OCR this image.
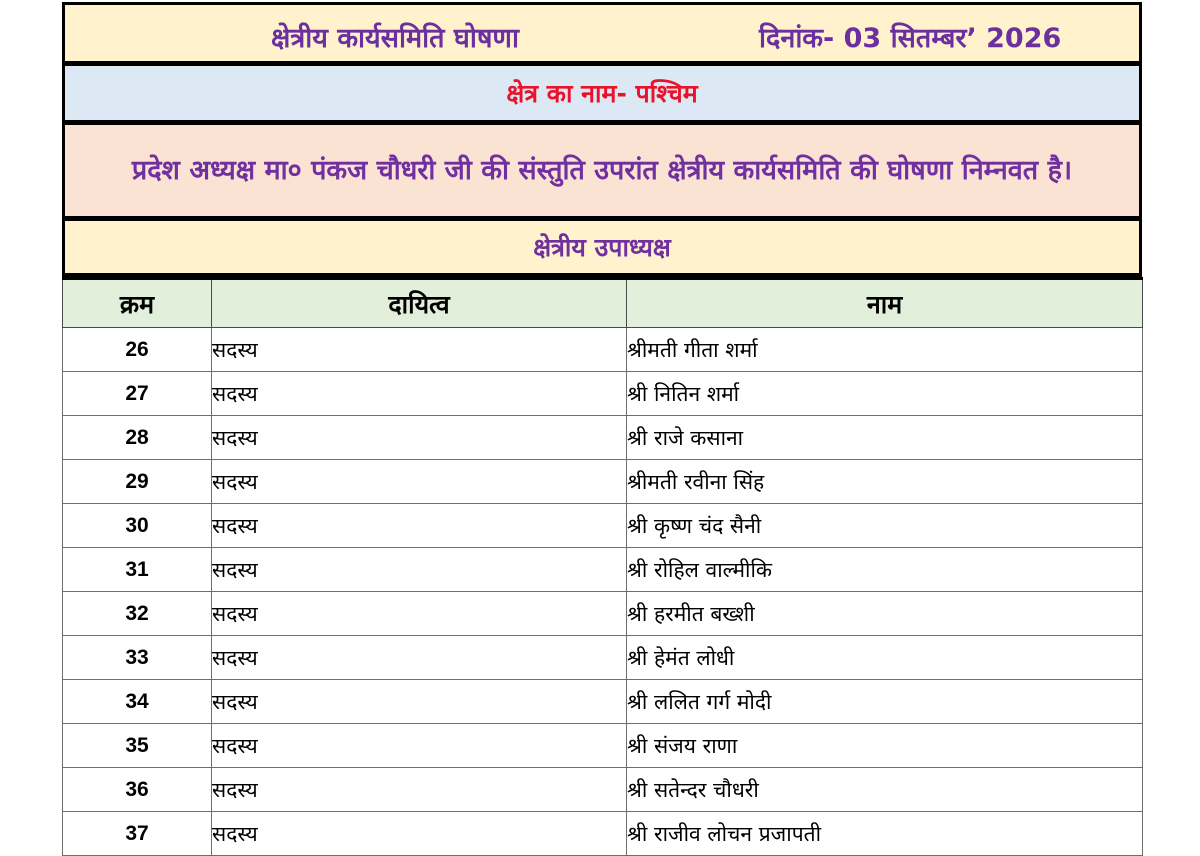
क्षेत्रीय कार्यसमिति घोषणा	दिनांक- 03 सितम्बर’ 2026
क्षेत्र का नाम- पश्चिम
प्रदेश अध्यक्ष मा० पंकज चौधरी जी की संस्तुति उपरांत क्षेत्रीय कार्यसमिति की घोषणा निम्नवत है।
क्षेत्रीय उपाध्यक्ष
क्रम	दायित्व	नाम
26	सदस्य	श्रीमती गीता शर्मा
27	सदस्य	श्री नितिन शर्मा
28	सदस्य	श्री राजे कसाना
29	सदस्य	श्रीमती रवीना सिंह
30	सदस्य	श्री कृष्ण चंद सैनी
31	सदस्य	श्री रोहिल वाल्मीकि
32	सदस्य	श्री हरमीत बख्शी
33	सदस्य	श्री हेमंत लोधी
34	सदस्य	श्री ललित गर्ग मोदी
35	सदस्य	श्री संजय राणा
36	सदस्य	श्री सतेन्दर चौधरी
37	सदस्य	श्री राजीव लोचन प्रजापती
